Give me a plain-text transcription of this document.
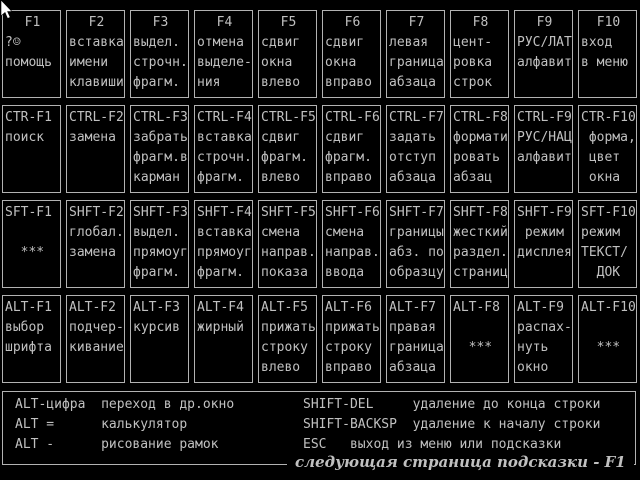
F1
?☺
помощь
F2
вставка
имени
клавиши
F3
выдел.
строчн.
фрагм.
F4
отмена
выделе-
ния
F5
сдвиг
окна
влево
F6
сдвиг
окна
вправо
F7
левая
граница
абзаца
F8
цент-
ровка
строк
F9
РУС/ЛАТ
алфавит
F10
вход
в меню
CTR-F1
поиск
CTRL-F2
замена
CTRL-F3
забрать
фрагм.в
карман
CTRL-F4
вставка
строчн.
фрагм.
CTRL-F5
сдвиг
фрагм.
влево
CTRL-F6
сдвиг
фрагм.
вправо
CTRL-F7
задать
отступ
абзаца
CTRL-F8
формати
ровать
абзац
CTRL-F9
РУС/НАЦ
алфавит
CTR-F10
форма,
цвет
окна
SFT-F1
***
SHFT-F2
глобал.
замена
SHFT-F3
выдел.
прямоуг
фрагм.
SHFT-F4
вставка
прямоуг
фрагм.
SHFT-F5
смена
направ.
показа
SHFT-F6
смена
направ.
ввода
SHFT-F7
границы
абз. по
образцу
SHFT-F8
жесткий
раздел.
страниц
SHFT-F9
режим
дисплея
SFT-F10
режим
ТЕКСТ/
ДОК
ALT-F1
выбор
шрифта
ALT-F2
подчер-
кивание
ALT-F3
курсив
ALT-F4
жирный
ALT-F5
прижать
строку
влево
ALT-F6
прижать
строку
вправо
ALT-F7
правая
граница
абзаца
ALT-F8
***
ALT-F9
распах-
нуть
окно
ALT-F10
***
ALT-цифра  переход в др.окно	SHIFT-DEL     удаление до конца строки
ALT =      калькулятор	SHIFT-BACKSP  удаление к началу строки
ALT -      рисование рамок	ESC   выход из меню или подсказки
следующая страница подсказки - F1
